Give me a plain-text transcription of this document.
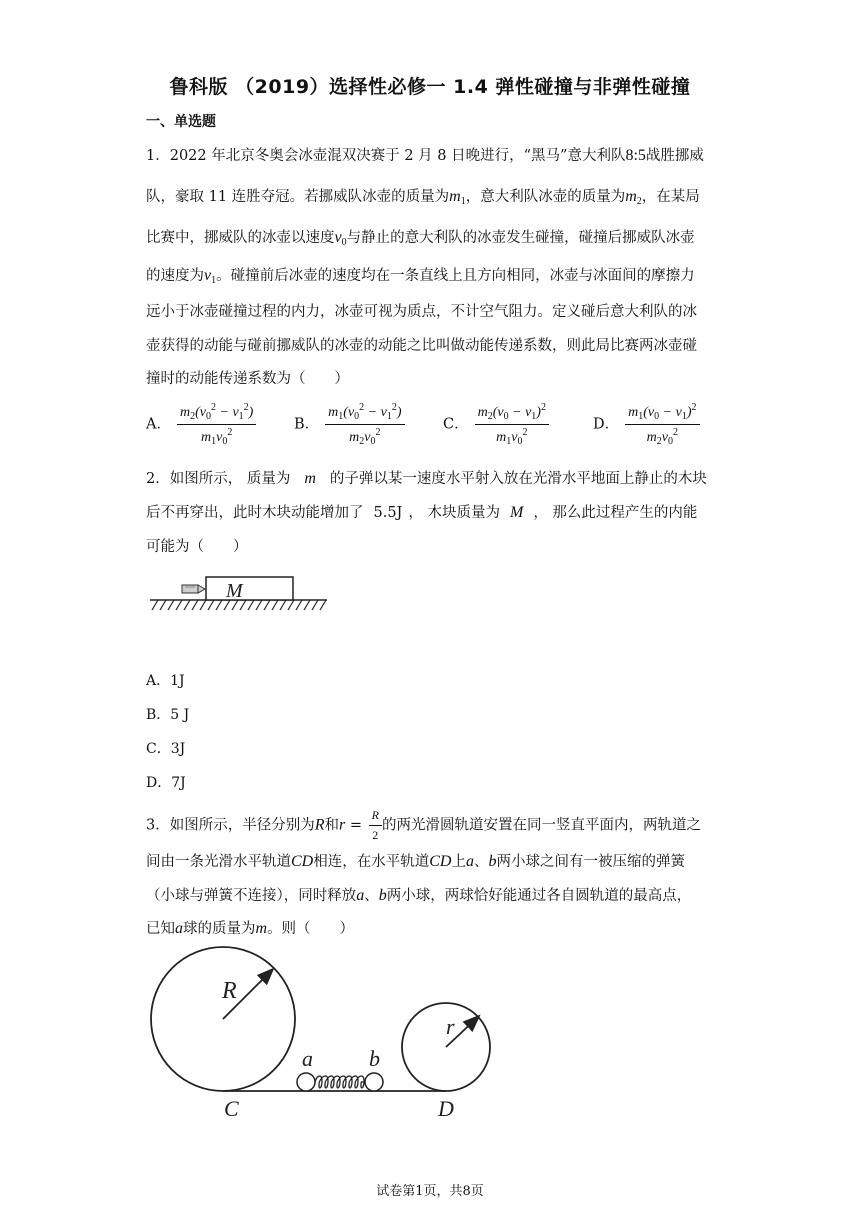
鲁科版 （2019）选择性必修一 1.4 弹性碰撞与非弹性碰撞
一、单选题
1．2022 年北京冬奥会冰壶混双决赛于 2 月 8 日晚进行，“黑马”意大利队8:5战胜挪威
队，豪取 11 连胜夺冠。若挪威队冰壶的质量为$m_1$，意大利队冰壶的质量为$m_2$，在某局
比赛中，挪威队的冰壶以速度$v_0$与静止的意大利队的冰壶发生碰撞，碰撞后挪威队冰壶
的速度为$v_1$。碰撞前后冰壶的速度均在一条直线上且方向相同，冰壶与冰面间的摩擦力
远小于冰壶碰撞过程的内力，冰壶可视为质点，不计空气阻力。定义碰后意大利队的冰
壶获得的动能与碰前挪威队的冰壶的动能之比叫做动能传递系数，则此局比赛两冰壶碰
撞时的动能传递系数为（　　）
A． $\frac{m_2(v_0^2 - v_1^2)}{m_1v_0^2}$	B． $\frac{m_1(v_0^2 - v_1^2)}{m_2v_0^2}$	C． $\frac{m_2(v_0 - v_1)^2}{m_1v_0^2}$	D． $\frac{m_1(v_0 - v_1)^2}{m_2v_0^2}$
2．如图所示， 质量为 m 的子弹以某一速度水平射入放在光滑水平地面上静止的木块
后不再穿出，此时木块动能增加了 5.5J ， 木块质量为 M ， 那么此过程产生的内能
可能为（　　）
M
A．1J
B．5 J
C．3J
D．7J
3．如图所示，半径分别为R和$r = \frac{R}{2}$ 的两光滑圆轨道安置在同一竖直平面内，两轨道之
间由一条光滑水平轨道CD相连，在水平轨道CD上a、b两小球之间有一被压缩的弹簧
（小球与弹簧不连接），同时释放a、b两小球，两球恰好能通过各自圆轨道的最高点，
已知a球的质量为m。则（　　）
R
r
a	b
C	D
试卷第1页，共8页
